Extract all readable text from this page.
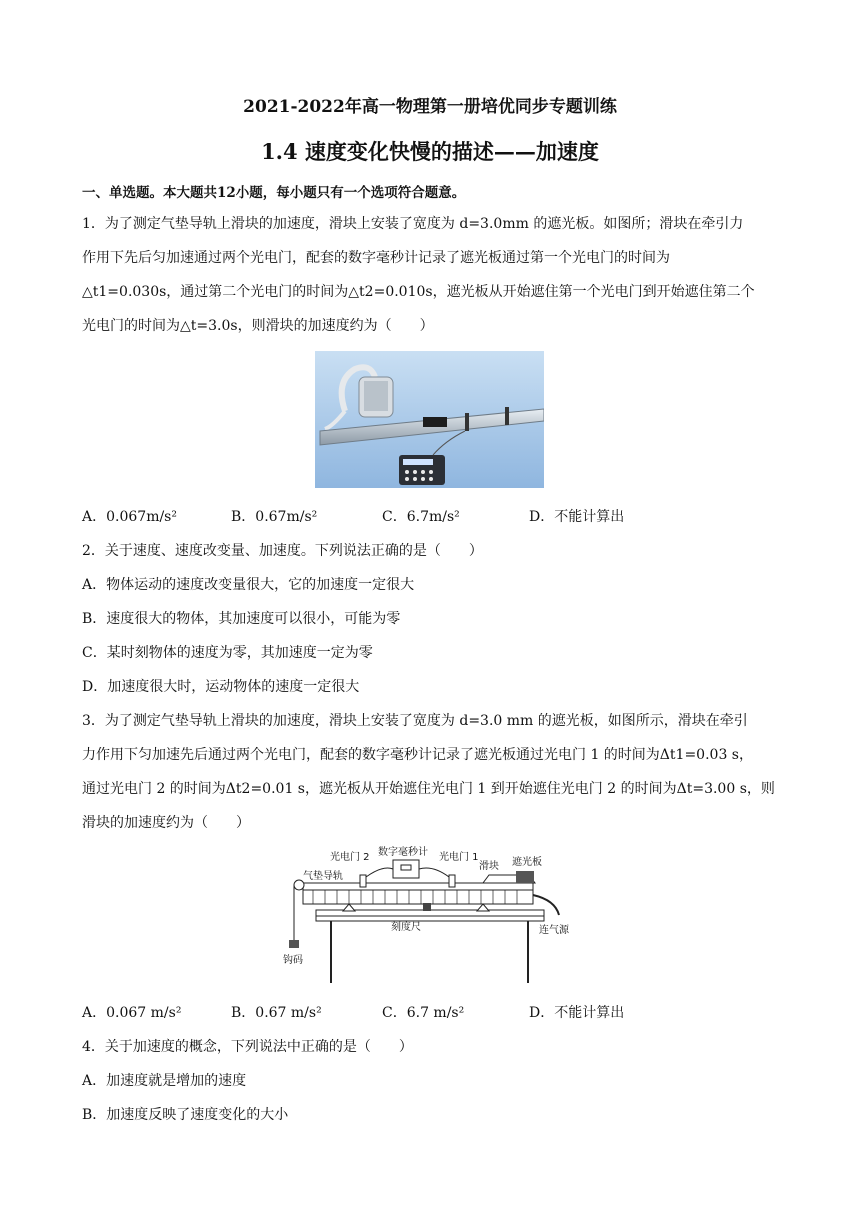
2021-2022年高一物理第一册培优同步专题训练
1.4 速度变化快慢的描述——加速度
一、单选题。本大题共12小题，每小题只有一个选项符合题意。
1．为了测定气垫导轨上滑块的加速度，滑块上安装了宽度为 d=3.0mm 的遮光板。如图所；滑块在牵引力
作用下先后匀加速通过两个光电门，配套的数字毫秒计记录了遮光板通过第一个光电门的时间为
△t1=0.030s，通过第二个光电门的时间为△t2=0.010s，遮光板从开始遮住第一个光电门到开始遮住第二个
光电门的时间为△t=3.0s，则滑块的加速度约为（　　）
A．0.067m/s²	B．0.67m/s²	C．6.7m/s²	D．不能计算出
2．关于速度、速度改变量、加速度。下列说法正确的是（　　）
A．物体运动的速度改变量很大，它的加速度一定很大
B．速度很大的物体，其加速度可以很小，可能为零
C．某时刻物体的速度为零，其加速度一定为零
D．加速度很大时，运动物体的速度一定很大
3．为了测定气垫导轨上滑块的加速度，滑块上安装了宽度为 d=3.0 mm 的遮光板，如图所示，滑块在牵引
力作用下匀加速先后通过两个光电门，配套的数字毫秒计记录了遮光板通过光电门 1 的时间为Δt1=0.03 s，
通过光电门 2 的时间为Δt2=0.01 s，遮光板从开始遮住光电门 1 到开始遮住光电门 2 的时间为Δt=3.00 s，则
滑块的加速度约为（　　）
光电门 2 数字毫秒计 光电门 1
气垫导轨
滑块 遮光板
刻度尺	连气源
钩码
A．0.067 m/s²	B．0.67 m/s²	C．6.7 m/s²	D．不能计算出
4．关于加速度的概念，下列说法中正确的是（　　）
A．加速度就是增加的速度
B．加速度反映了速度变化的大小
